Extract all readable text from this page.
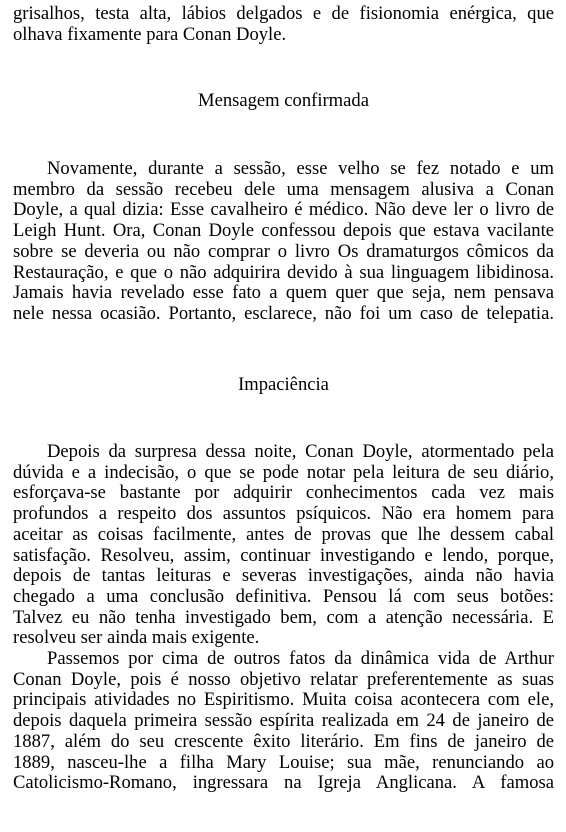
grisalhos, testa alta, lábios delgados e de fisionomia enérgica, que
olhava fixamente para Conan Doyle.
Mensagem confirmada
Novamente, durante a sessão, esse velho se fez notado e um
membro da sessão recebeu dele uma mensagem alusiva a Conan
Doyle, a qual dizia: Esse cavalheiro é médico. Não deve ler o livro de
Leigh Hunt. Ora, Conan Doyle confessou depois que estava vacilante
sobre se deveria ou não comprar o livro Os dramaturgos cômicos da
Restauração, e que o não adquirira devido à sua linguagem libidinosa.
Jamais havia revelado esse fato a quem quer que seja, nem pensava
nele nessa ocasião. Portanto, esclarece, não foi um caso de telepatia.
Impaciência
Depois da surpresa dessa noite, Conan Doyle, atormentado pela
dúvida e a indecisão, o que se pode notar pela leitura de seu diário,
esforçava-se bastante por adquirir conhecimentos cada vez mais
profundos a respeito dos assuntos psíquicos. Não era homem para
aceitar as coisas facilmente, antes de provas que lhe dessem cabal
satisfação. Resolveu, assim, continuar investigando e lendo, porque,
depois de tantas leituras e severas investigações, ainda não havia
chegado a uma conclusão definitiva. Pensou lá com seus botões:
Talvez eu não tenha investigado bem, com a atenção necessária. E
resolveu ser ainda mais exigente.
Passemos por cima de outros fatos da dinâmica vida de Arthur
Conan Doyle, pois é nosso objetivo relatar preferentemente as suas
principais atividades no Espiritismo. Muita coisa acontecera com ele,
depois daquela primeira sessão espírita realizada em 24 de janeiro de
1887, além do seu crescente êxito literário. Em fins de janeiro de
1889, nasceu-lhe a filha Mary Louise; sua mãe, renunciando ao
Catolicismo-Romano, ingressara na Igreja Anglicana. A famosa
